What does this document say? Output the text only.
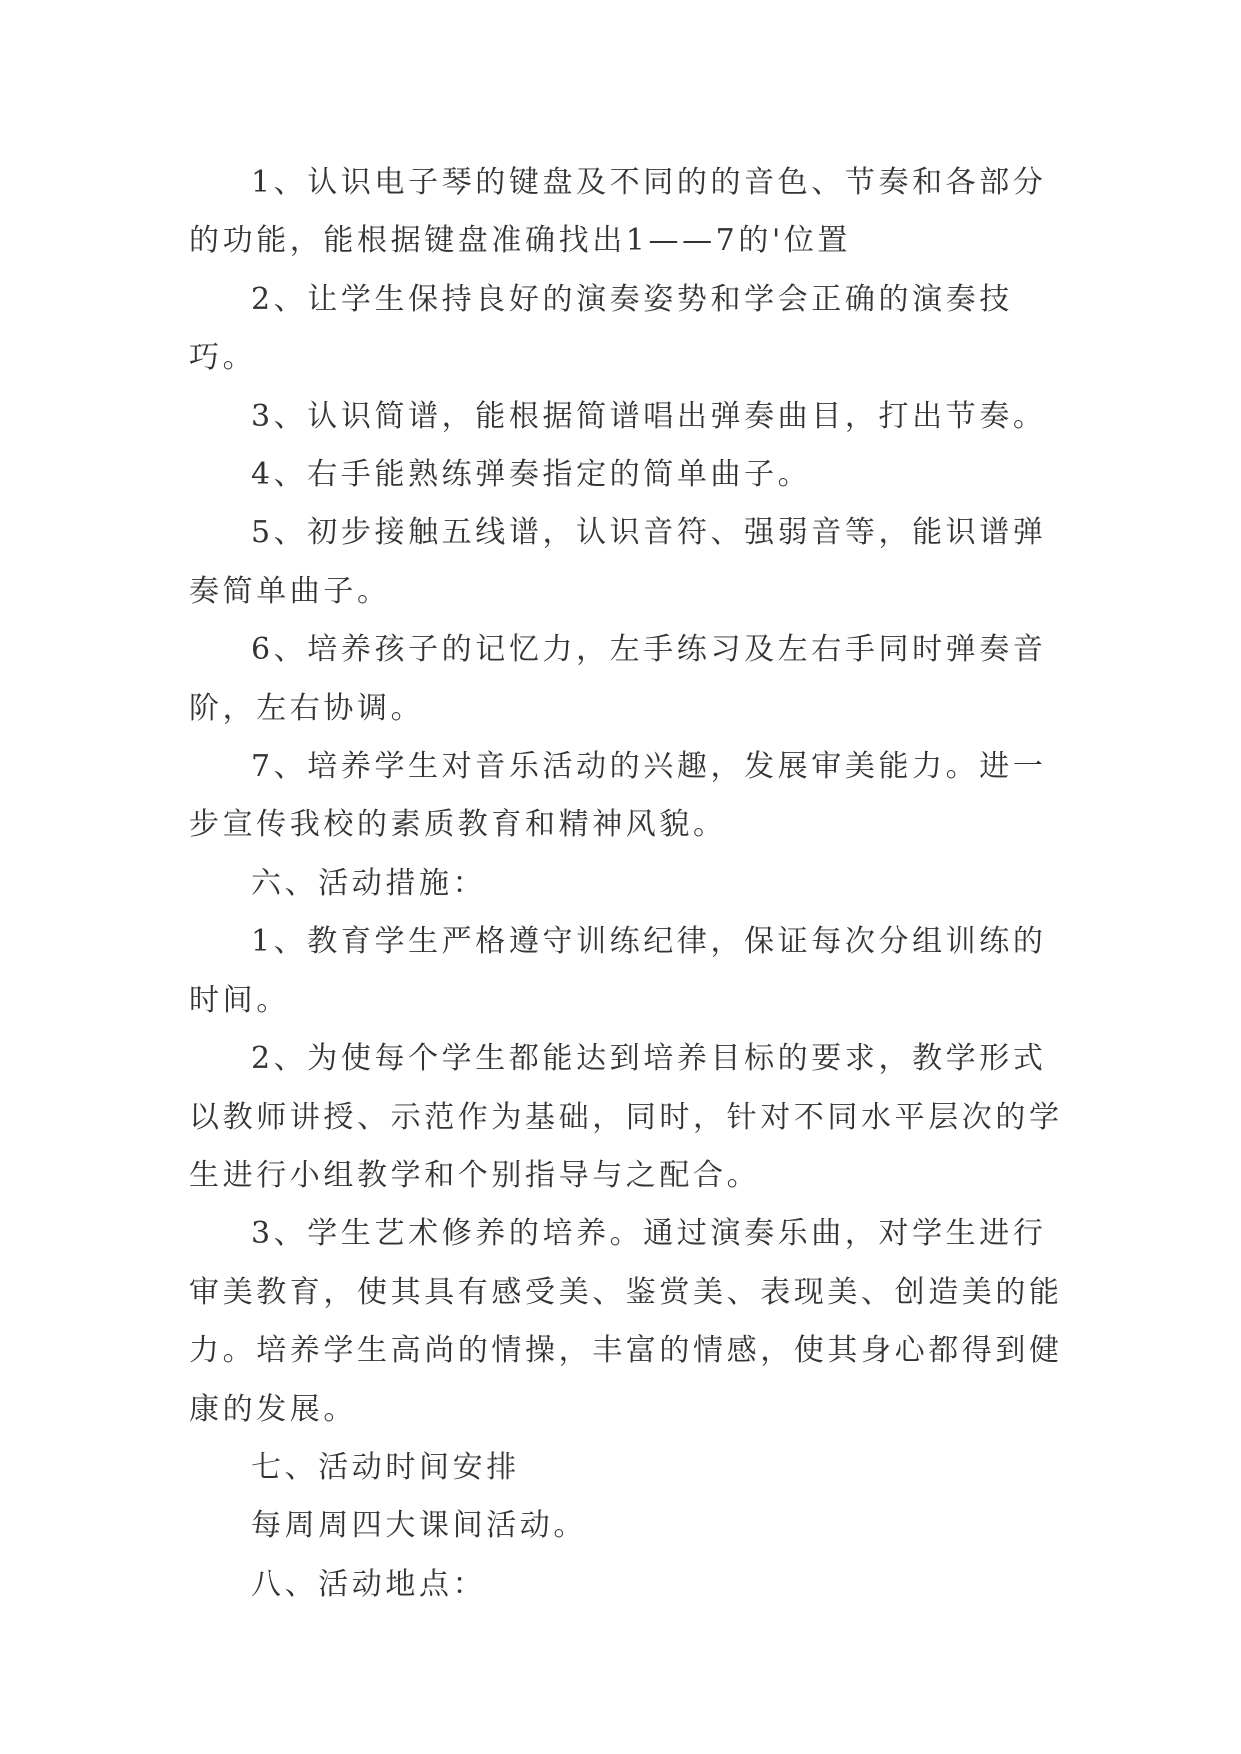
1、认识电子琴的键盘及不同的的音色、节奏和各部分的功能，能根据键盘准确找出1——7的'位置

2、让学生保持良好的演奏姿势和学会正确的演奏技巧。

3、认识简谱，能根据简谱唱出弹奏曲目，打出节奏。

4、右手能熟练弹奏指定的简单曲子。

5、初步接触五线谱，认识音符、强弱音等，能识谱弹奏简单曲子。

6、培养孩子的记忆力，左手练习及左右手同时弹奏音阶，左右协调。

7、培养学生对音乐活动的兴趣，发展审美能力。进一步宣传我校的素质教育和精神风貌。

六、活动措施：

1、教育学生严格遵守训练纪律，保证每次分组训练的时间。

2、为使每个学生都能达到培养目标的要求，教学形式以教师讲授、示范作为基础，同时，针对不同水平层次的学生进行小组教学和个别指导与之配合。

3、学生艺术修养的培养。通过演奏乐曲，对学生进行审美教育，使其具有感受美、鉴赏美、表现美、创造美的能力。培养学生高尚的情操，丰富的情感，使其身心都得到健康的发展。

七、活动时间安排

每周周四大课间活动。

八、活动地点：
